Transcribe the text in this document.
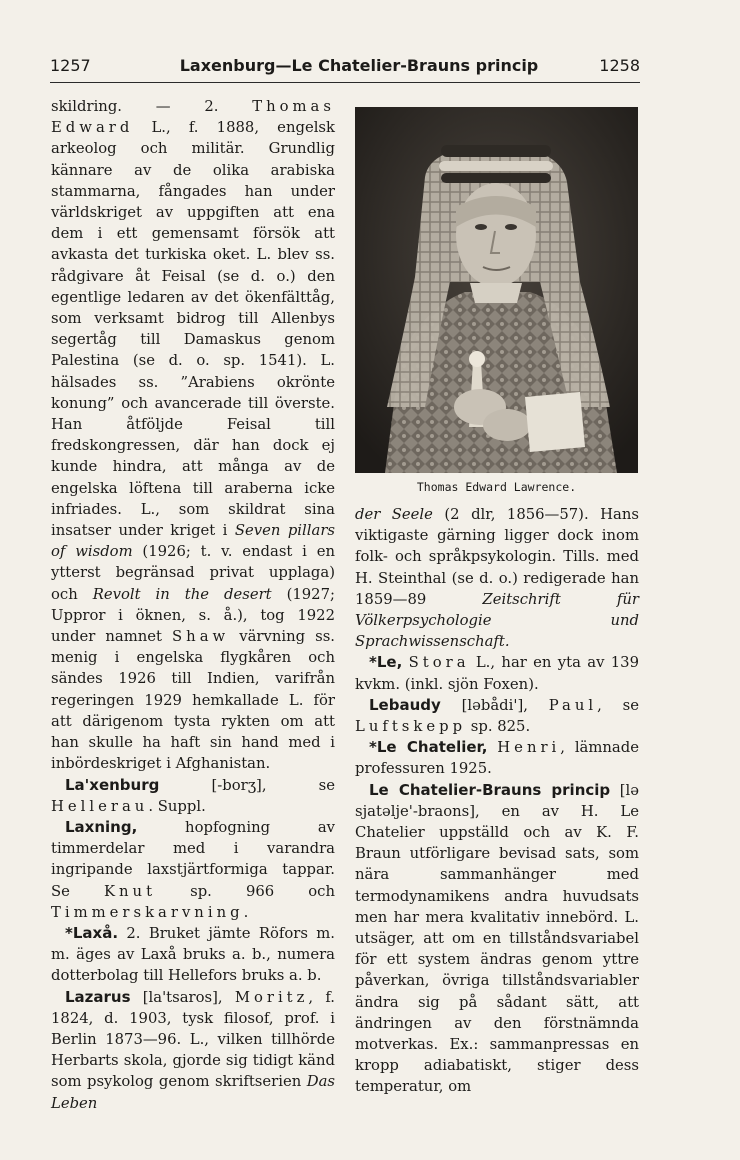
1257	Laxenburg—Le Chatelier-Brauns princip	1258

skildring. — 2. Thomas Edward L., f. 1888, engelsk arkeolog och militär. Grundlig kännare av de olika arabiska stammarna, fångades han under världskriget av uppgiften att ena dem i ett gemensamt försök att avkasta det turkiska oket. L. blev ss. rådgivare åt Feisal (se d. o.) den egentlige ledaren av det ökenfälttåg, som verksamt bidrog till Allenbys segertåg till Damaskus genom Palestina (se d. o. sp. 1541). L. hälsades ss. ”Arabiens okrönte konung” och avancerade till överste. Han åtföljde Feisal till fredskongressen, där han dock ej kunde hindra, att många av de engelska löftena till araberna icke infriades. L., som skildrat sina insatser under kriget i Seven pillars of wisdom (1926; t. v. endast i en ytterst begränsad privat upplaga) och Revolt in the desert (1927; Uppror i öknen, s. å.), tog 1922 under namnet Shaw värvning ss. menig i engelska flygkåren och sändes 1926 till Indien, varifrån regeringen 1929 hemkallade L. för att därigenom tysta rykten om att han skulle ha haft sin hand med i inbördeskriget i Afghanistan.

La'xenburg [-borʒ], se Hellerau. Suppl.

Laxning, hopfogning av timmerdelar med i varandra ingripande laxstjärtformiga tappar. Se Knut sp. 966 och Timmerskarvning.

*Laxå. 2. Bruket jämte Röfors m. m. äges av Laxå bruks a. b., numera dotterbolag till Hellefors bruks a. b.

Lazarus [la'tsaros], Moritz, f. 1824, d. 1903, tysk filosof, prof. i Berlin 1873—96. L., vilken tillhörde Herbarts skola, gjorde sig tidigt känd som psykolog genom skriftserien Das Leben

Thomas Edward Lawrence.

der Seele (2 dlr, 1856—57). Hans viktigaste gärning ligger dock inom folk- och språkpsykologin. Tills. med H. Steinthal (se d. o.) redigerade han 1859—89 Zeitschrift für Völkerpsychologie und Sprachwissenschaft.

*Le, Stora L., har en yta av 139 kvkm. (inkl. sjön Foxen).

Lebaudy [ləbådi'], Paul, se Luftskepp sp. 825.

*Le Chatelier, Henri, lämnade professuren 1925.

Le Chatelier-Brauns princip [lə sjatəlje'-braons], en av H. Le Chatelier uppställd och av K. F. Braun utförligare bevisad sats, som nära sammanhänger med termodynamikens andra huvudsats men har mera kvalitativ innebörd. L. utsäger, att om en tillståndsvariabel för ett system ändras genom yttre påverkan, övriga tillståndsvariabler ändra sig på sådant sätt, att ändringen av den förstnämnda motverkas. Ex.: sammanpressas en kropp adiabatiskt, stiger dess temperatur, om
